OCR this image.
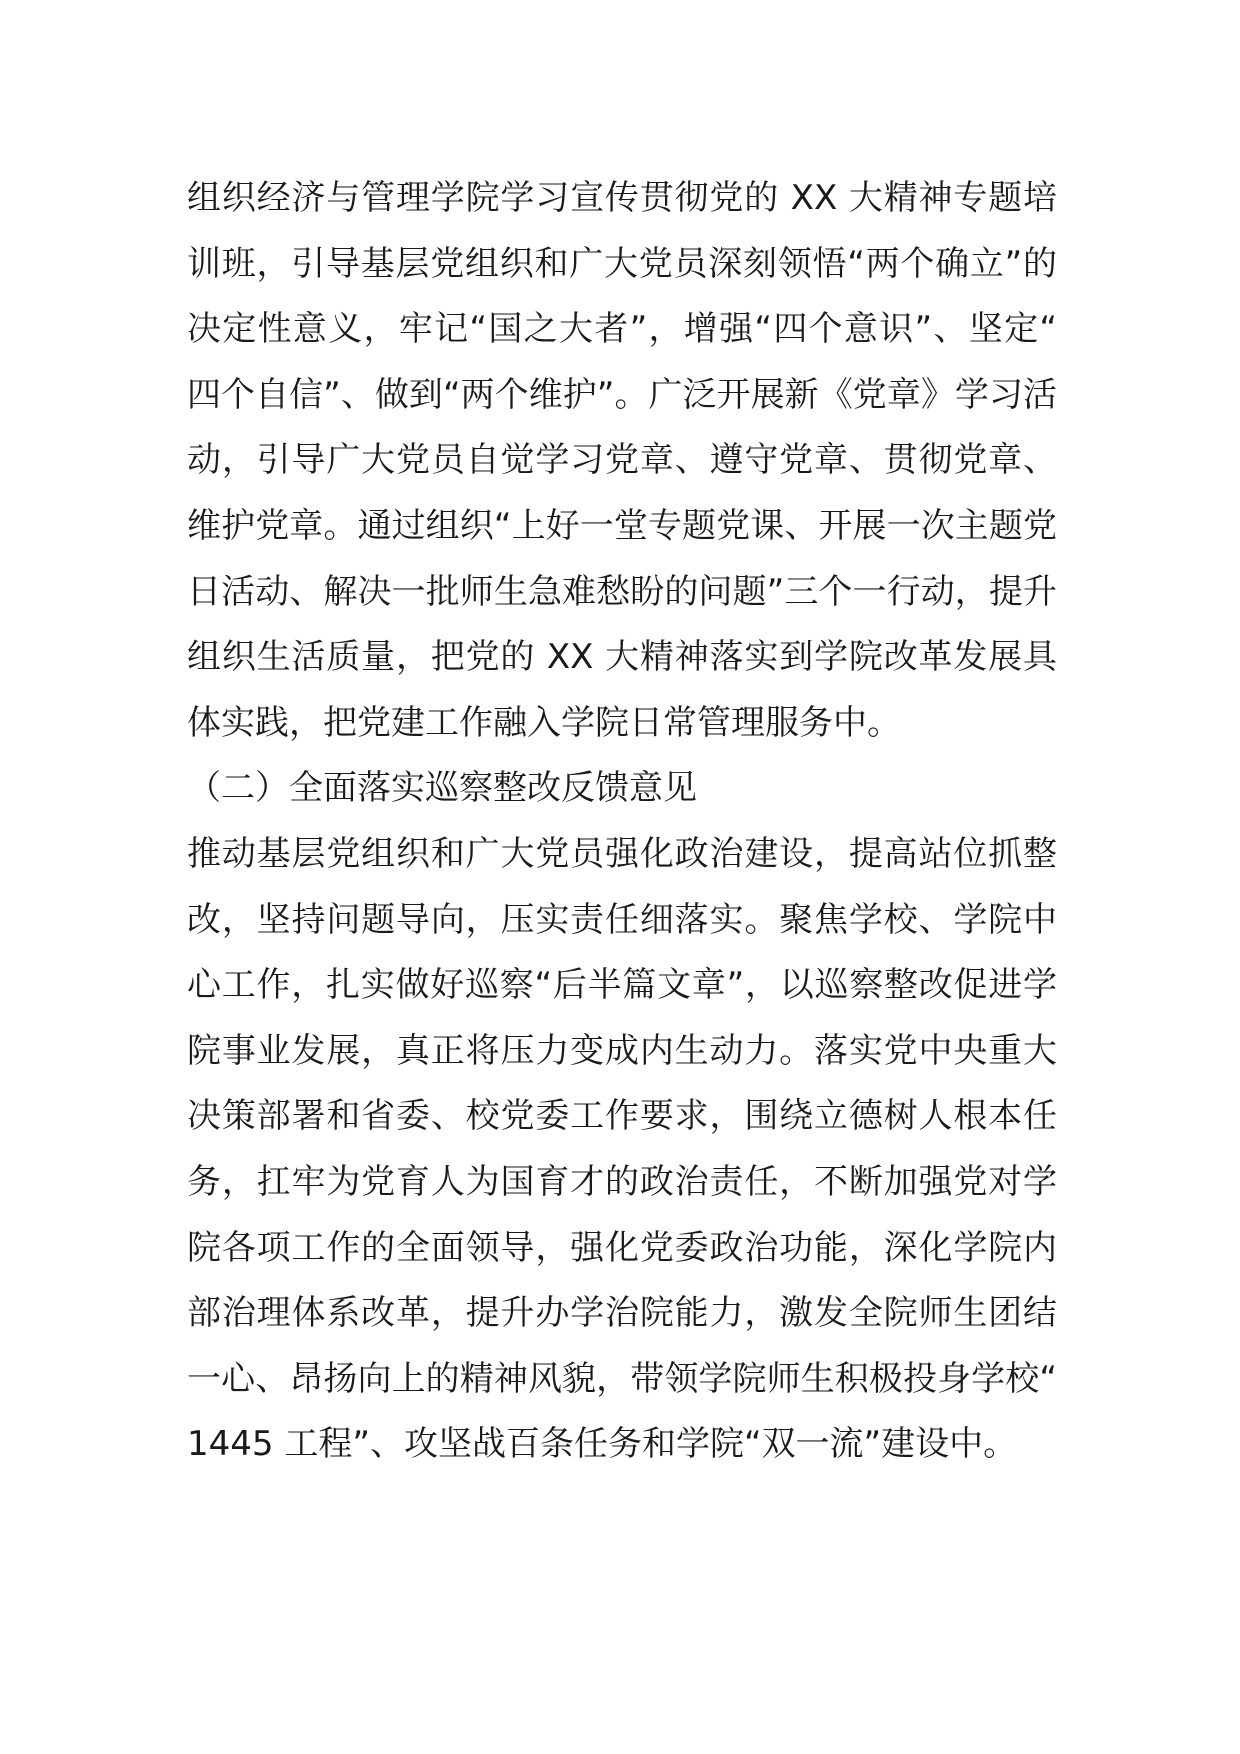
组织经济与管理学院学习宣传贯彻党的 XX 大精神专题培训班，引导基层党组织和广大党员深刻领悟“两个确立”的决定性意义，牢记“国之大者”，增强“四个意识”、坚定“四个自信”、做到“两个维护”。广泛开展新《党章》学习活动，引导广大党员自觉学习党章、遵守党章、贯彻党章、维护党章。通过组织“上好一堂专题党课、开展一次主题党日活动、解决一批师生急难愁盼的问题”三个一行动，提升组织生活质量，把党的 XX 大精神落实到学院改革发展具体实践，把党建工作融入学院日常管理服务中。

（二）全面落实巡察整改反馈意见

推动基层党组织和广大党员强化政治建设，提高站位抓整改，坚持问题导向，压实责任细落实。聚焦学校、学院中心工作，扎实做好巡察“后半篇文章”，以巡察整改促进学院事业发展，真正将压力变成内生动力。落实党中央重大决策部署和省委、校党委工作要求，围绕立德树人根本任务，扛牢为党育人为国育才的政治责任，不断加强党对学院各项工作的全面领导，强化党委政治功能，深化学院内部治理体系改革，提升办学治院能力，激发全院师生团结一心、昂扬向上的精神风貌，带领学院师生积极投身学校“1445 工程”、攻坚战百条任务和学院“双一流”建设中。
